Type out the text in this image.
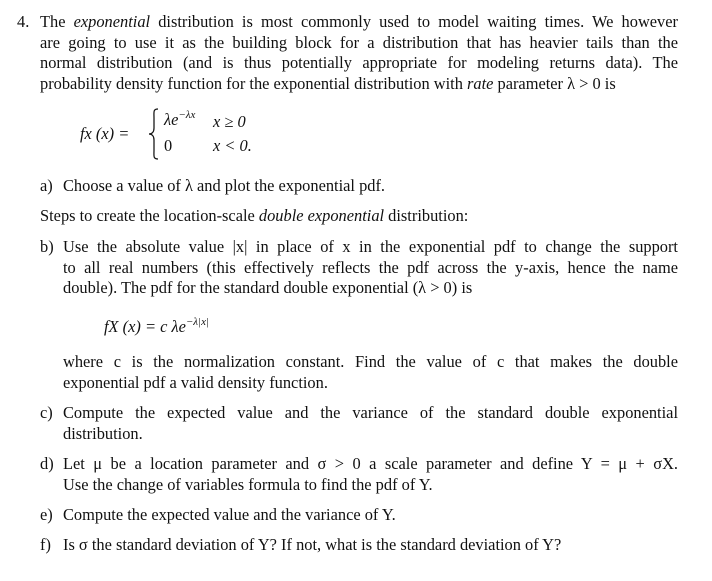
4. The exponential distribution is most commonly used to model waiting times. We however
are going to use it as the building block for a distribution that has heavier tails than the
normal distribution (and is thus potentially appropriate for modeling returns data). The
probability density function for the exponential distribution with rate parameter λ > 0 is
fx (x) =
$\lambda e^{-\lambda x}$ x ≥ 0
0 x < 0.
a) Choose a value of λ and plot the exponential pdf.
Steps to create the location-scale double exponential distribution:
b) Use the absolute value |x| in place of x in the exponential pdf to change the support
to all real numbers (this effectively reflects the pdf across the y-axis, hence the name
double). The pdf for the standard double exponential (λ > 0) is
fX (x) = c $\lambda e^{-\lambda|x|}$
where c is the normalization constant. Find the value of c that makes the double
exponential pdf a valid density function.
c) Compute the expected value and the variance of the standard double exponential
distribution.
d) Let μ be a location parameter and σ > 0 a scale parameter and define Y = μ + σX.
Use the change of variables formula to find the pdf of Y.
e) Compute the expected value and the variance of Y.
f) Is σ the standard deviation of Y? If not, what is the standard deviation of Y?
